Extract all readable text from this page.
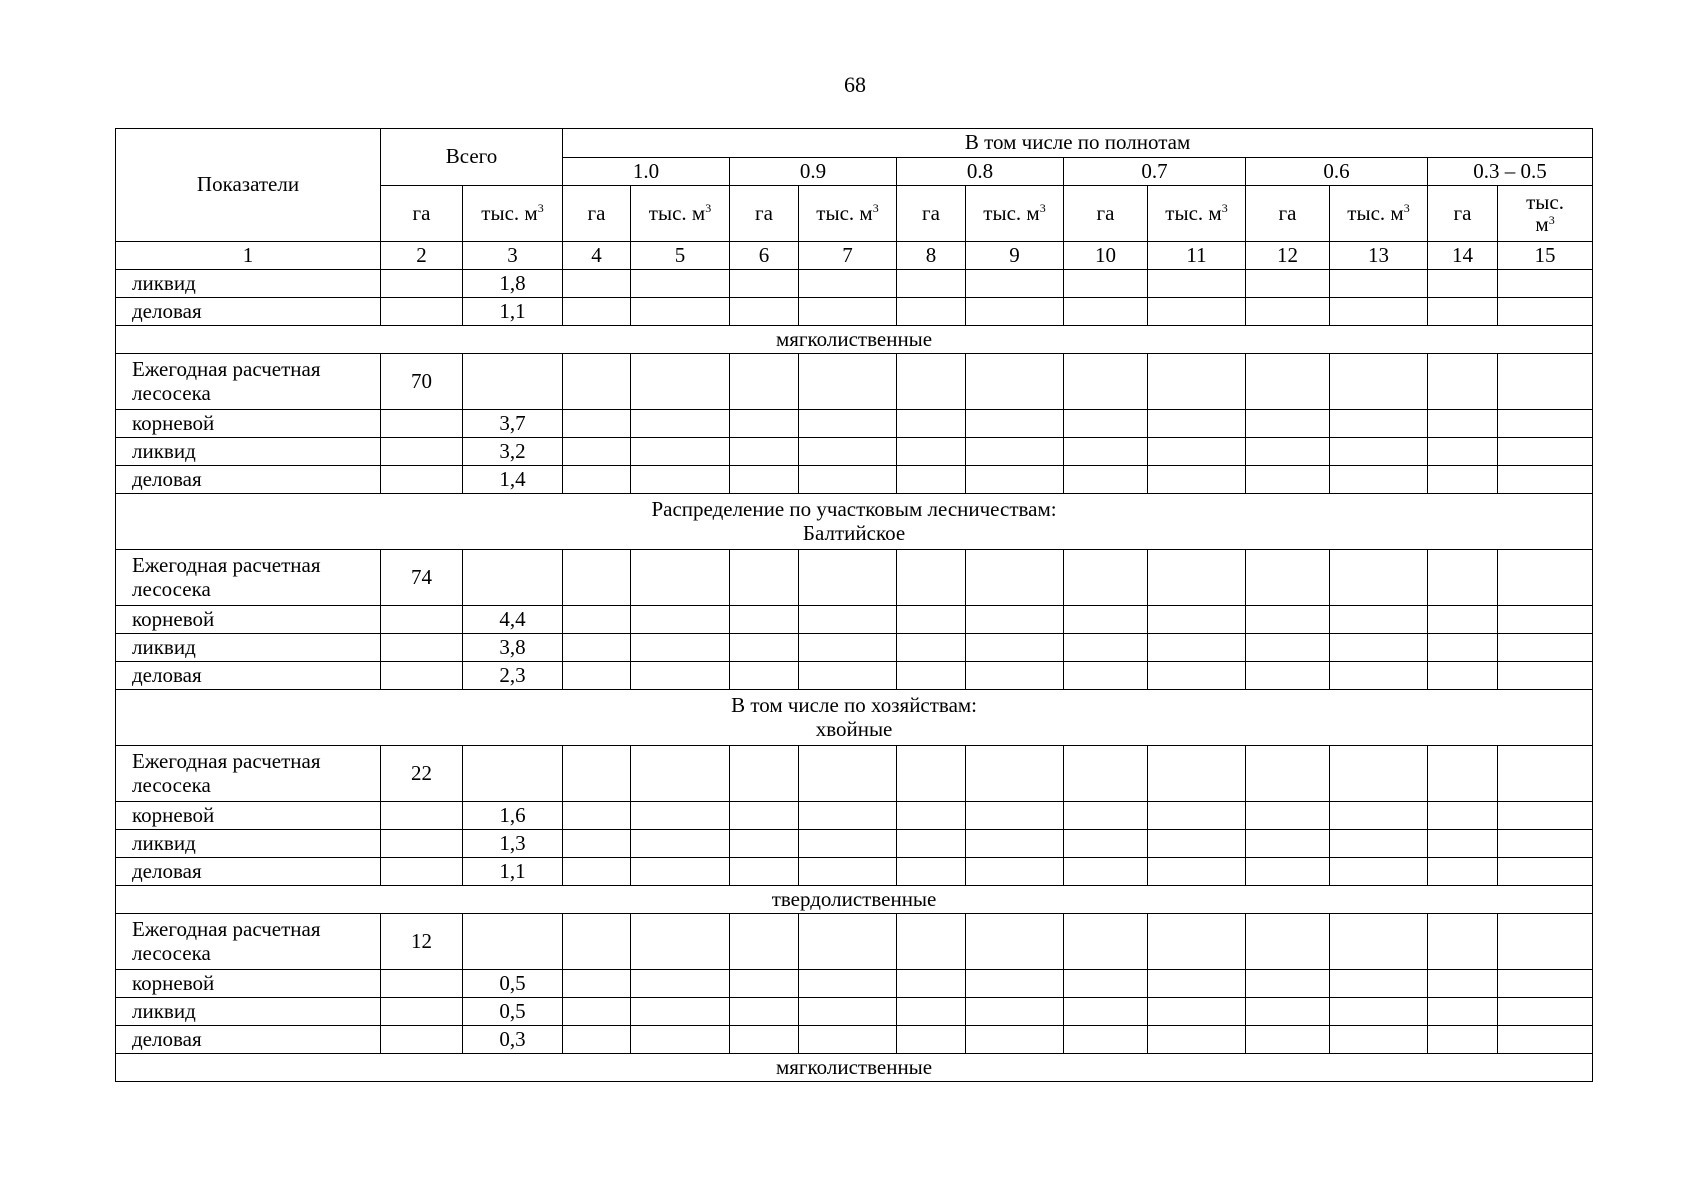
68
Показатели	Всего		В том числе по полнотам											
			1.0		0.9		0.8		0.7		0.6		0.3 – 0.5	
	га	тыс. $м^3$	га	тыс. $м^3$	га	тыс. $м^3$	га	тыс. $м^3$	га	тыс. $м^3$	га	тыс. $м^3$	га	тыс.
$м^3$
1	2	3	4	5	6	7	8	9	10	11	12	13	14	15
ликвид		1,8												
деловая		1,1												
мягколиственные														
Ежегодная расчетная
лесосека	70													
корневой		3,7												
ликвид		3,2												
деловая		1,4												
Распределение по участковым лесничествам:
Балтийское														
Ежегодная расчетная
лесосека	74													
корневой		4,4												
ликвид		3,8												
деловая		2,3												
В том числе по хозяйствам:
хвойные														
Ежегодная расчетная
лесосека	22													
корневой		1,6												
ликвид		1,3												
деловая		1,1												
твердолиственные														
Ежегодная расчетная
лесосека	12													
корневой		0,5												
ликвид		0,5												
деловая		0,3												
мягколиственные														
